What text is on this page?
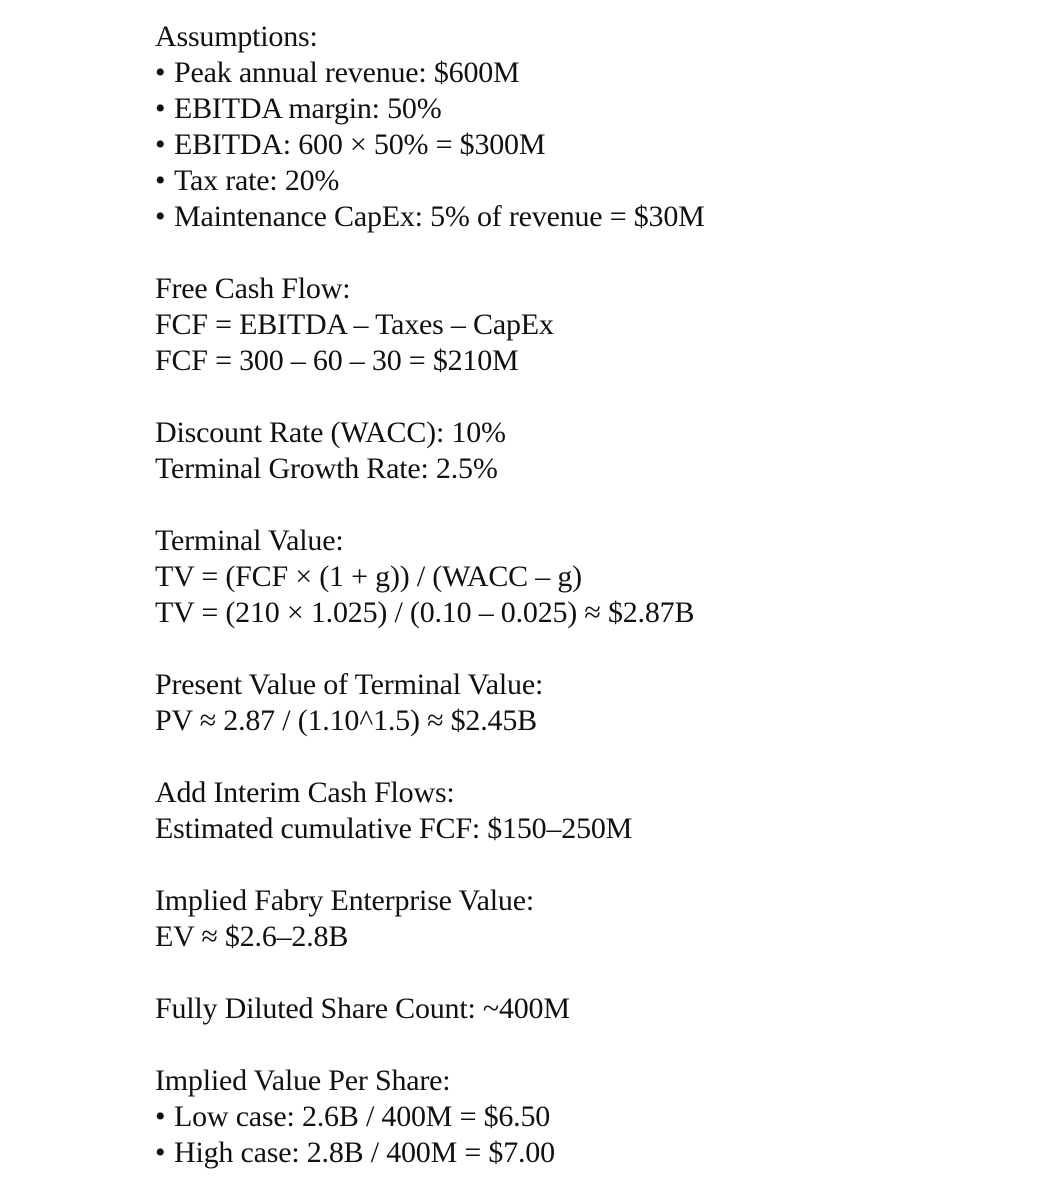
Assumptions:
• Peak annual revenue: $600M
• EBITDA margin: 50%
• EBITDA: 600 × 50% = $300M
• Tax rate: 20%
• Maintenance CapEx: 5% of revenue = $30M
Free Cash Flow:
FCF = EBITDA – Taxes – CapEx
FCF = 300 – 60 – 30 = $210M
Discount Rate (WACC): 10%
Terminal Growth Rate: 2.5%
Terminal Value:
TV = (FCF × (1 + g)) / (WACC – g)
TV = (210 × 1.025) / (0.10 – 0.025) ≈ $2.87B
Present Value of Terminal Value:
PV ≈ 2.87 / (1.10^1.5) ≈ $2.45B
Add Interim Cash Flows:
Estimated cumulative FCF: $150–250M
Implied Fabry Enterprise Value:
EV ≈ $2.6–2.8B
Fully Diluted Share Count: ~400M
Implied Value Per Share:
• Low case: 2.6B / 400M = $6.50
• High case: 2.8B / 400M = $7.00
